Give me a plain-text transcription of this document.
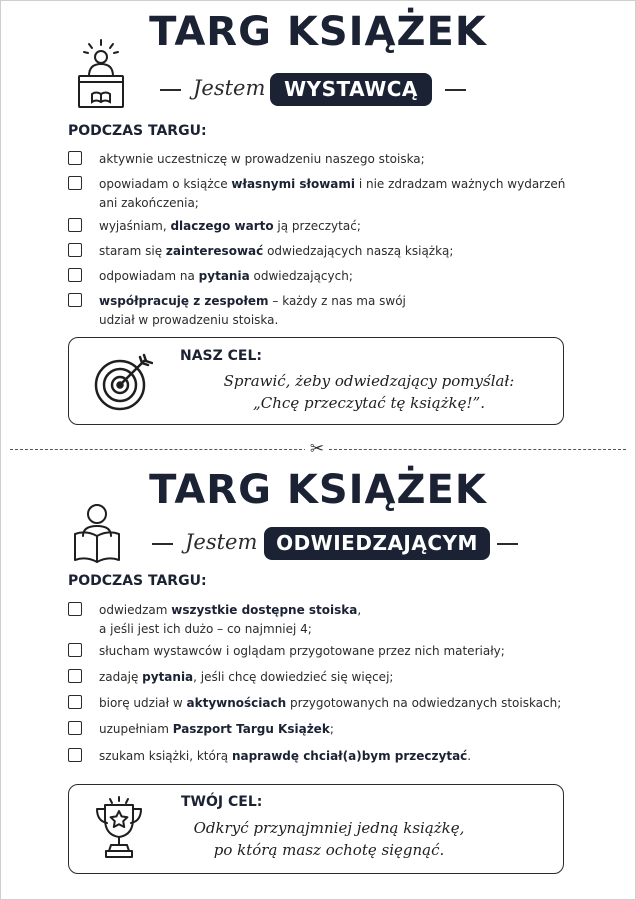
TARG KSIĄŻEK
Jestem WYSTAWCĄ

PODCZAS TARGU:

aktywnie uczestniczę w prowadzeniu naszego stoiska;
opowiadam o książce własnymi słowami i nie zdradzam ważnych wydarzeń ani zakończenia;
wyjaśniam, dlaczego warto ją przeczytać;
staram się zainteresować odwiedzających naszą książką;
odpowiadam na pytania odwiedzających;
współpracuję z zespołem – każdy z nas ma swój udział w prowadzeniu stoiska.
NASZ CEL:
Sprawić, żeby odwiedzający pomyślał:
„Chcę przeczytać tę książkę!”.
✂
TARG KSIĄŻEK
Jestem ODWIEDZAJĄCYM

PODCZAS TARGU:

odwiedzam wszystkie dostępne stoiska,
a jeśli jest ich dużo – co najmniej 4;
słucham wystawców i oglądam przygotowane przez nich materiały;
zadaję pytania, jeśli chcę dowiedzieć się więcej;
biorę udział w aktywnościach przygotowanych na odwiedzanych stoiskach;
uzupełniam Paszport Targu Książek;
szukam książki, którą naprawdę chciał(a)bym przeczytać.
TWÓJ CEL:
Odkryć przynajmniej jedną książkę,
po którą masz ochotę sięgnąć.
